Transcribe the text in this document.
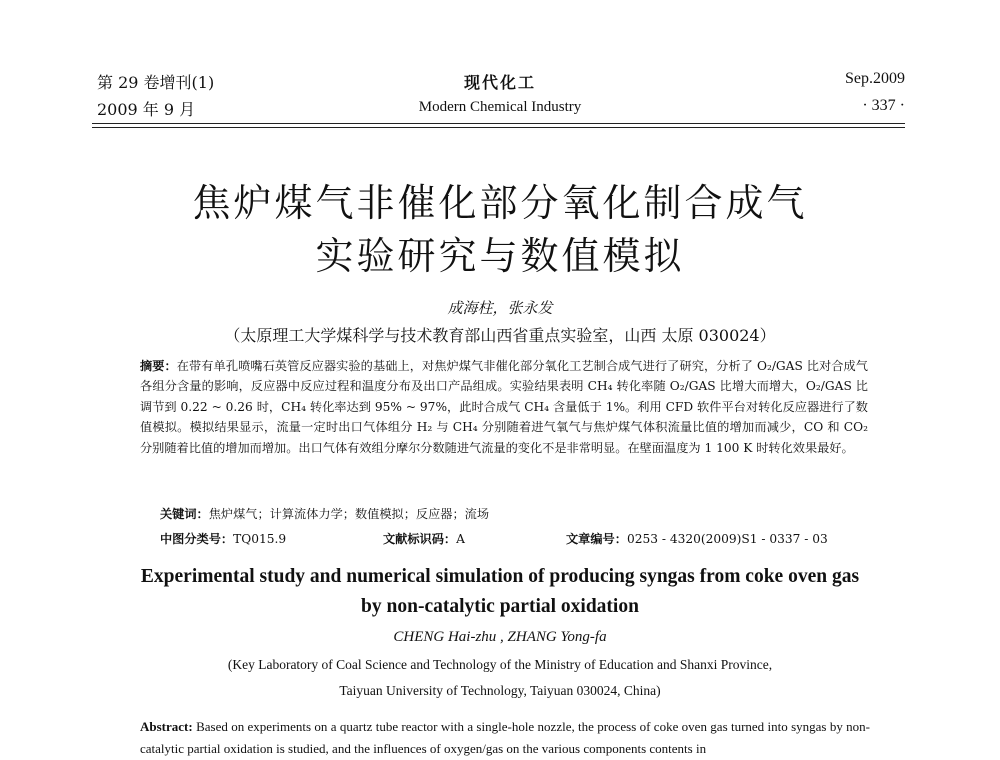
第 29 卷增刊(1)
2009 年 9 月
现代化工
Modern Chemical Industry
Sep.2009
· 337 ·
焦炉煤气非催化部分氧化制合成气
实验研究与数值模拟
成海柱，张永发
（太原理工大学煤科学与技术教育部山西省重点实验室，山西 太原 030024）
摘要：在带有单孔喷嘴石英管反应器实验的基础上，对焦炉煤气非催化部分氧化工艺制合成气进行了研究，分析了 O₂/GAS 比对合成气各组分含量的影响，反应器中反应过程和温度分布及出口产品组成。实验结果表明 CH₄ 转化率随 O₂/GAS 比增大而增大，O₂/GAS 比调节到 0.22 ~ 0.26 时，CH₄ 转化率达到 95% ~ 97%，此时合成气 CH₄ 含量低于 1%。利用 CFD 软件平台对转化反应器进行了数值模拟。模拟结果显示，流量一定时出口气体组分 H₂ 与 CH₄ 分别随着进气氧气与焦炉煤气体积流量比值的增加而减少，CO 和 CO₂ 分别随着比值的增加而增加。出口气体有效组分摩尔分数随进气流量的变化不是非常明显。在壁面温度为 1 100 K 时转化效果最好。
关键词：焦炉煤气；计算流体力学；数值模拟；反应器；流场
中图分类号：TQ015.9	文献标识码：A	文章编号：0253 - 4320(2009)S1 - 0337 - 03
Experimental study and numerical simulation of producing syngas from coke oven gas
by non-catalytic partial oxidation
CHENG Hai-zhu , ZHANG Yong-fa
(Key Laboratory of Coal Science and Technology of the Ministry of Education and Shanxi Province,
Taiyuan University of Technology, Taiyuan 030024, China)
Abstract: Based on experiments on a quartz tube reactor with a single-hole nozzle, the process of coke oven gas turned into syngas by non-catalytic partial oxidation is studied, and the influences of oxygen/gas on the various components contents in
